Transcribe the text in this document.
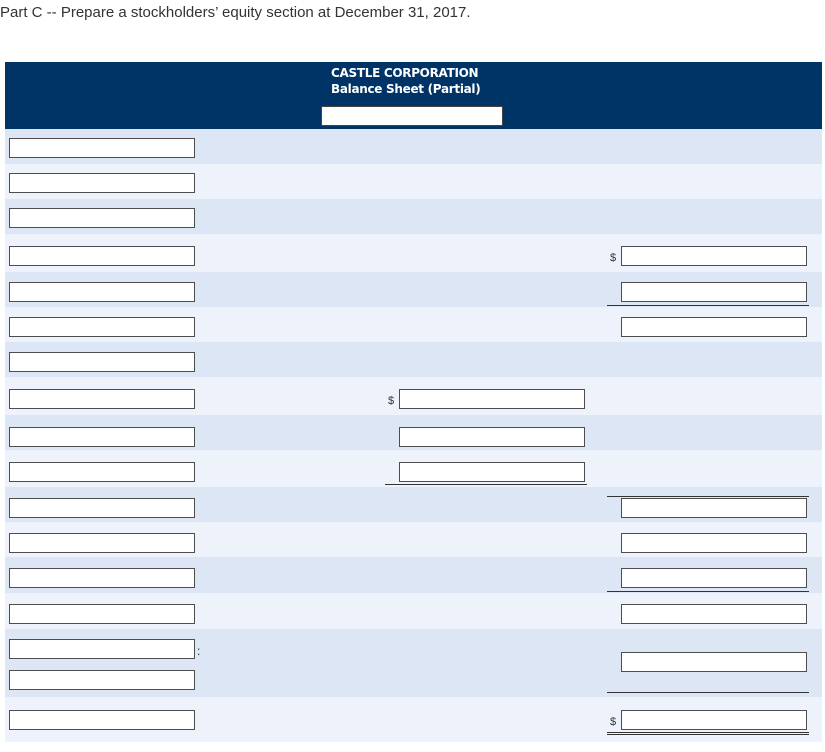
Part C -- Prepare a stockholders’ equity section at December 31, 2017.
CASTLE CORPORATION
Balance Sheet (Partial)
$
$
:
$
